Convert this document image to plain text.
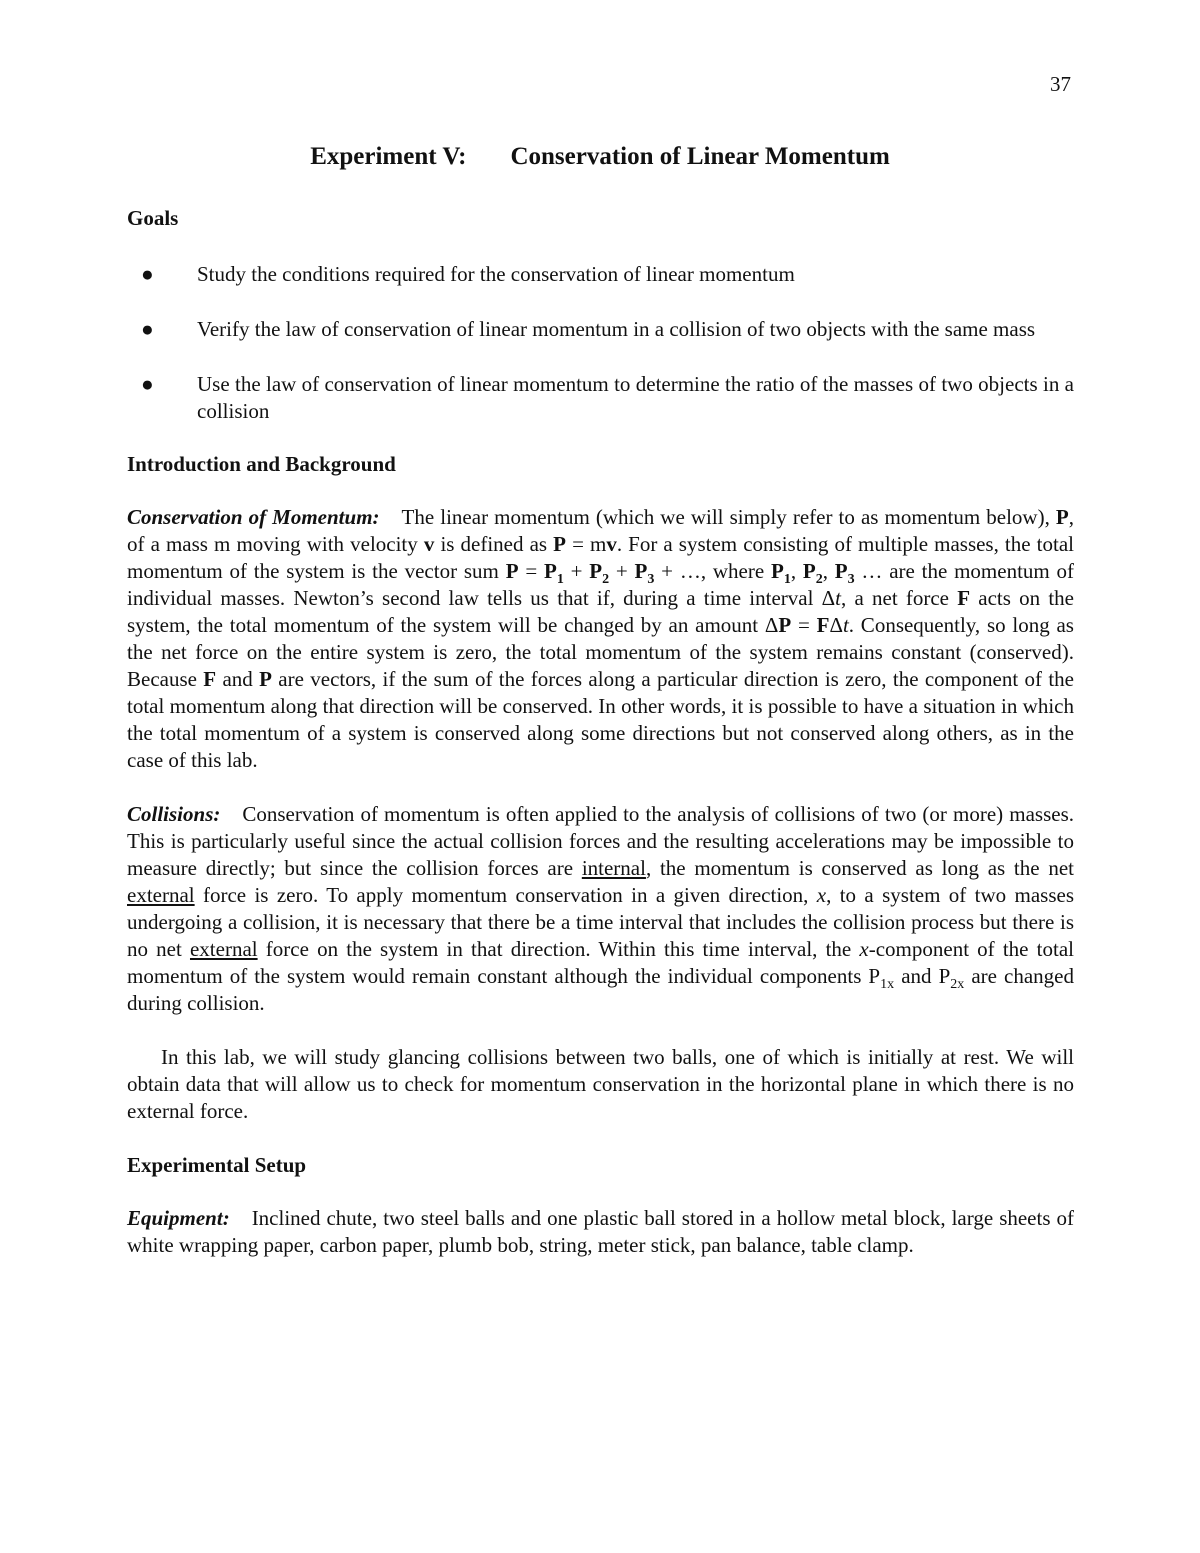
37
Experiment V: Conservation of Linear Momentum
Goals
● Study the conditions required for the conservation of linear momentum
● Verify the law of conservation of linear momentum in a collision of two objects with the same mass
● Use the law of conservation of linear momentum to determine the ratio of the masses of two objects in a collision
Introduction and Background

Conservation of Momentum: The linear momentum (which we will simply refer to as momentum below), P, of a mass m moving with velocity v is defined as P = mv. For a system consisting of multiple masses, the total momentum of the system is the vector sum $P = P_1 + P_2 + P_3$ + …, where $P_1$, $P_2$, $P_3$ … are the momentum of individual masses. Newton’s second law tells us that if, during a time interval Δt, a net force F acts on the system, the total momentum of the system will be changed by an amount ΔP = FΔt. Consequently, so long as the net force on the entire system is zero, the total momentum of the system remains constant (conserved). Because F and P are vectors, if the sum of the forces along a particular direction is zero, the component of the total momentum along that direction will be conserved. In other words, it is possible to have a situation in which the total momentum of a system is conserved along some directions but not conserved along others, as in the case of this lab.

Collisions: Conservation of momentum is often applied to the analysis of collisions of two (or more) masses. This is particularly useful since the actual collision forces and the resulting accelerations may be impossible to measure directly; but since the collision forces are internal, the momentum is conserved as long as the net external force is zero. To apply momentum conservation in a given direction, x, to a system of two masses undergoing a collision, it is necessary that there be a time interval that includes the collision process but there is no net external force on the system in that direction. Within this time interval, the x-component of the total momentum of the system would remain constant although the individual components $P_{1x}$ and $P_{2x}$ are changed during collision.

In this lab, we will study glancing collisions between two balls, one of which is initially at rest. We will obtain data that will allow us to check for momentum conservation in the horizontal plane in which there is no external force.

Experimental Setup

Equipment: Inclined chute, two steel balls and one plastic ball stored in a hollow metal block, large sheets of white wrapping paper, carbon paper, plumb bob, string, meter stick, pan balance, table clamp.
